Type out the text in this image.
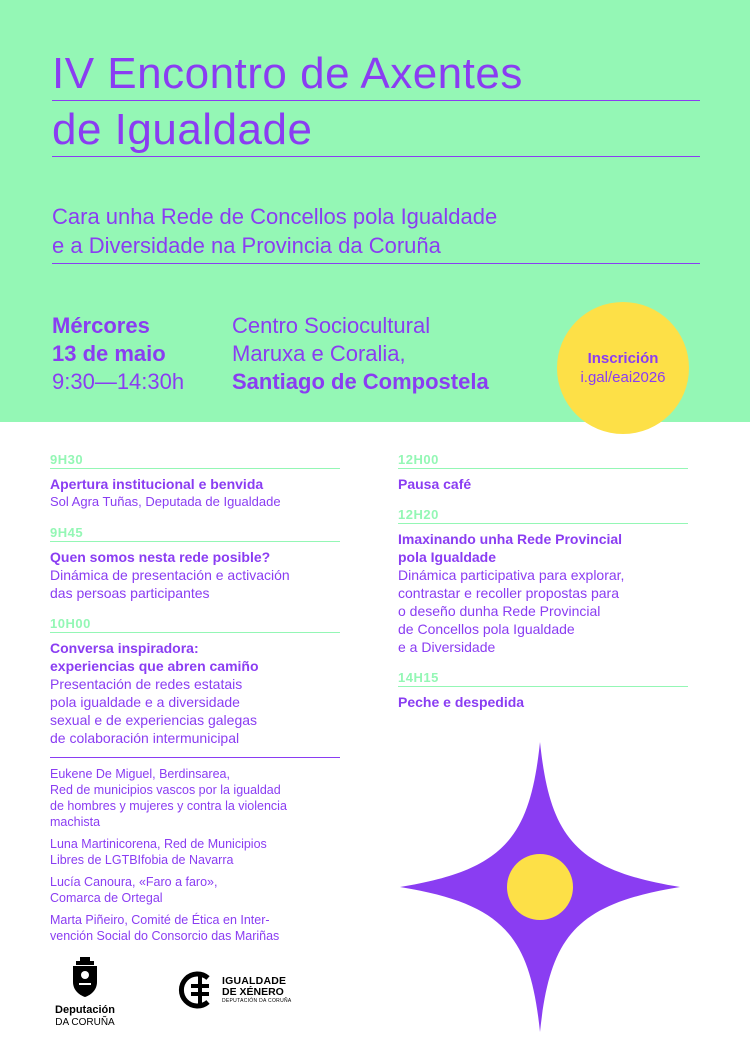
IV Encontro de Axentes
de Igualdade
Cara unha Rede de Concellos pola Igualdade
e a Diversidade na Provincia da Coruña
Mércores
13 de maio
9:30—14:30h
Centro Sociocultural
Maruxa e Coralia,
Santiago de Compostela
Inscrición
i.gal/eai2026
9H30
Apertura institucional e benvida
Sol Agra Tuñas, Deputada de Igualdade
9H45
Quen somos nesta rede posible?
Dinámica de presentación e activación
das persoas participantes
10H00
Conversa inspiradora:
experiencias que abren camiño
Presentación de redes estatais
pola igualdade e a diversidade
sexual e de experiencias galegas
de colaboración intermunicipal
Eukene De Miguel, Berdinsarea,
Red de municipios vascos por la igualdad
de hombres y mujeres y contra la violencia
machista
Luna Martinicorena, Red de Municipios
Libres de LGTBIfobia de Navarra
Lucía Canoura, «Faro a faro»,
Comarca de Ortegal
Marta Piñeiro, Comité de Ética en Inter-
vención Social do Consorcio das Mariñas
12H00
Pausa café
12H20
Imaxinando unha Rede Provincial
pola Igualdade
Dinámica participativa para explorar,
contrastar e recoller propostas para
o deseño dunha Rede Provincial
de Concellos pola Igualdade
e a Diversidade
14H15
Peche e despedida
Deputación
DA CORUÑA
IGUALDADE
DE XÉNERO
DEPUTACIÓN DA CORUÑA
